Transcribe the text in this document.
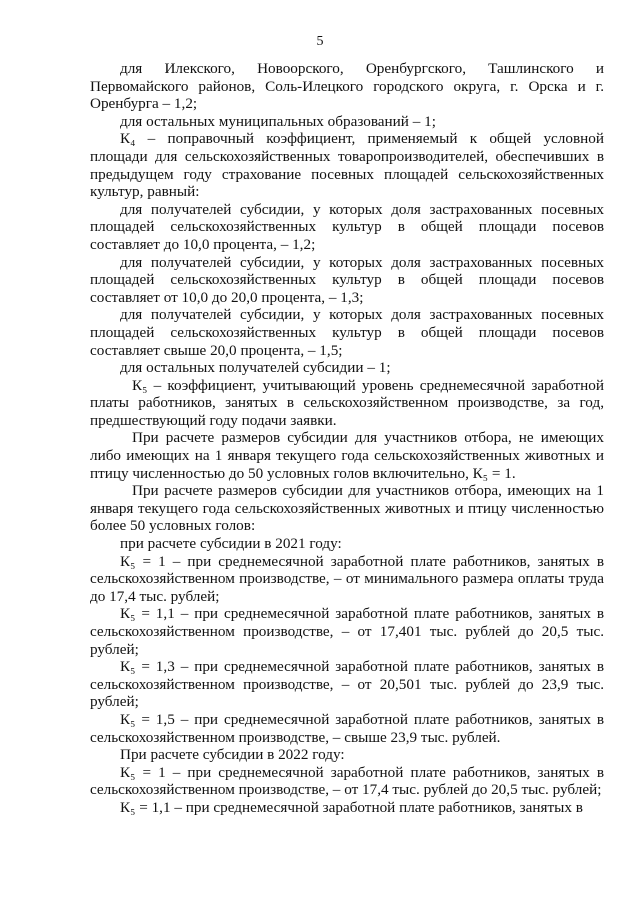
5

для Илекского, Новоорского, Оренбургского, Ташлинского и Первомайского районов, Соль-Илецкого городского округа, г. Орска и г. Оренбурга – 1,2;

для остальных муниципальных образований – 1;

К₄ – поправочный коэффициент, применяемый к общей условной площади для сельскохозяйственных товаропроизводителей, обеспечивших в предыдущем году страхование посевных площадей сельскохозяйственных культур, равный:

для получателей субсидии, у которых доля застрахованных посевных площадей сельскохозяйственных культур в общей площади посевов составляет до 10,0 процента, – 1,2;

для получателей субсидии, у которых доля застрахованных посевных площадей сельскохозяйственных культур в общей площади посевов составляет от 10,0 до 20,0 процента, – 1,3;

для получателей субсидии, у которых доля застрахованных посевных площадей сельскохозяйственных культур в общей площади посевов составляет свыше 20,0 процента, – 1,5;

для остальных получателей субсидии – 1;

К₅ – коэффициент, учитывающий уровень среднемесячной заработной платы работников, занятых в сельскохозяйственном производстве, за год, предшествующий году подачи заявки.

При расчете размеров субсидии для участников отбора, не имеющих либо имеющих на 1 января текущего года сельскохозяйственных животных и птицу численностью до 50 условных голов включительно, К₅ = 1.

При расчете размеров субсидии для участников отбора, имеющих на 1 января текущего года сельскохозяйственных животных и птицу численностью более 50 условных голов:

при расчете субсидии в 2021 году:

К₅ = 1 – при среднемесячной заработной плате работников, занятых в сельскохозяйственном производстве, – от минимального размера оплаты труда до 17,4 тыс. рублей;

К₅ = 1,1 – при среднемесячной заработной плате работников, занятых в сельскохозяйственном производстве, – от 17,401 тыс. рублей до 20,5 тыс. рублей;

К₅ = 1,3 – при среднемесячной заработной плате работников, занятых в сельскохозяйственном производстве, – от 20,501 тыс. рублей до 23,9 тыс. рублей;

К₅ = 1,5 – при среднемесячной заработной плате работников, занятых в сельскохозяйственном производстве, – свыше 23,9 тыс. рублей.

При расчете субсидии в 2022 году:

К₅ = 1 – при среднемесячной заработной плате работников, занятых в сельскохозяйственном производстве, – от 17,4 тыс. рублей до 20,5 тыс. рублей;

К₅ = 1,1 – при среднемесячной заработной плате работников, занятых в
